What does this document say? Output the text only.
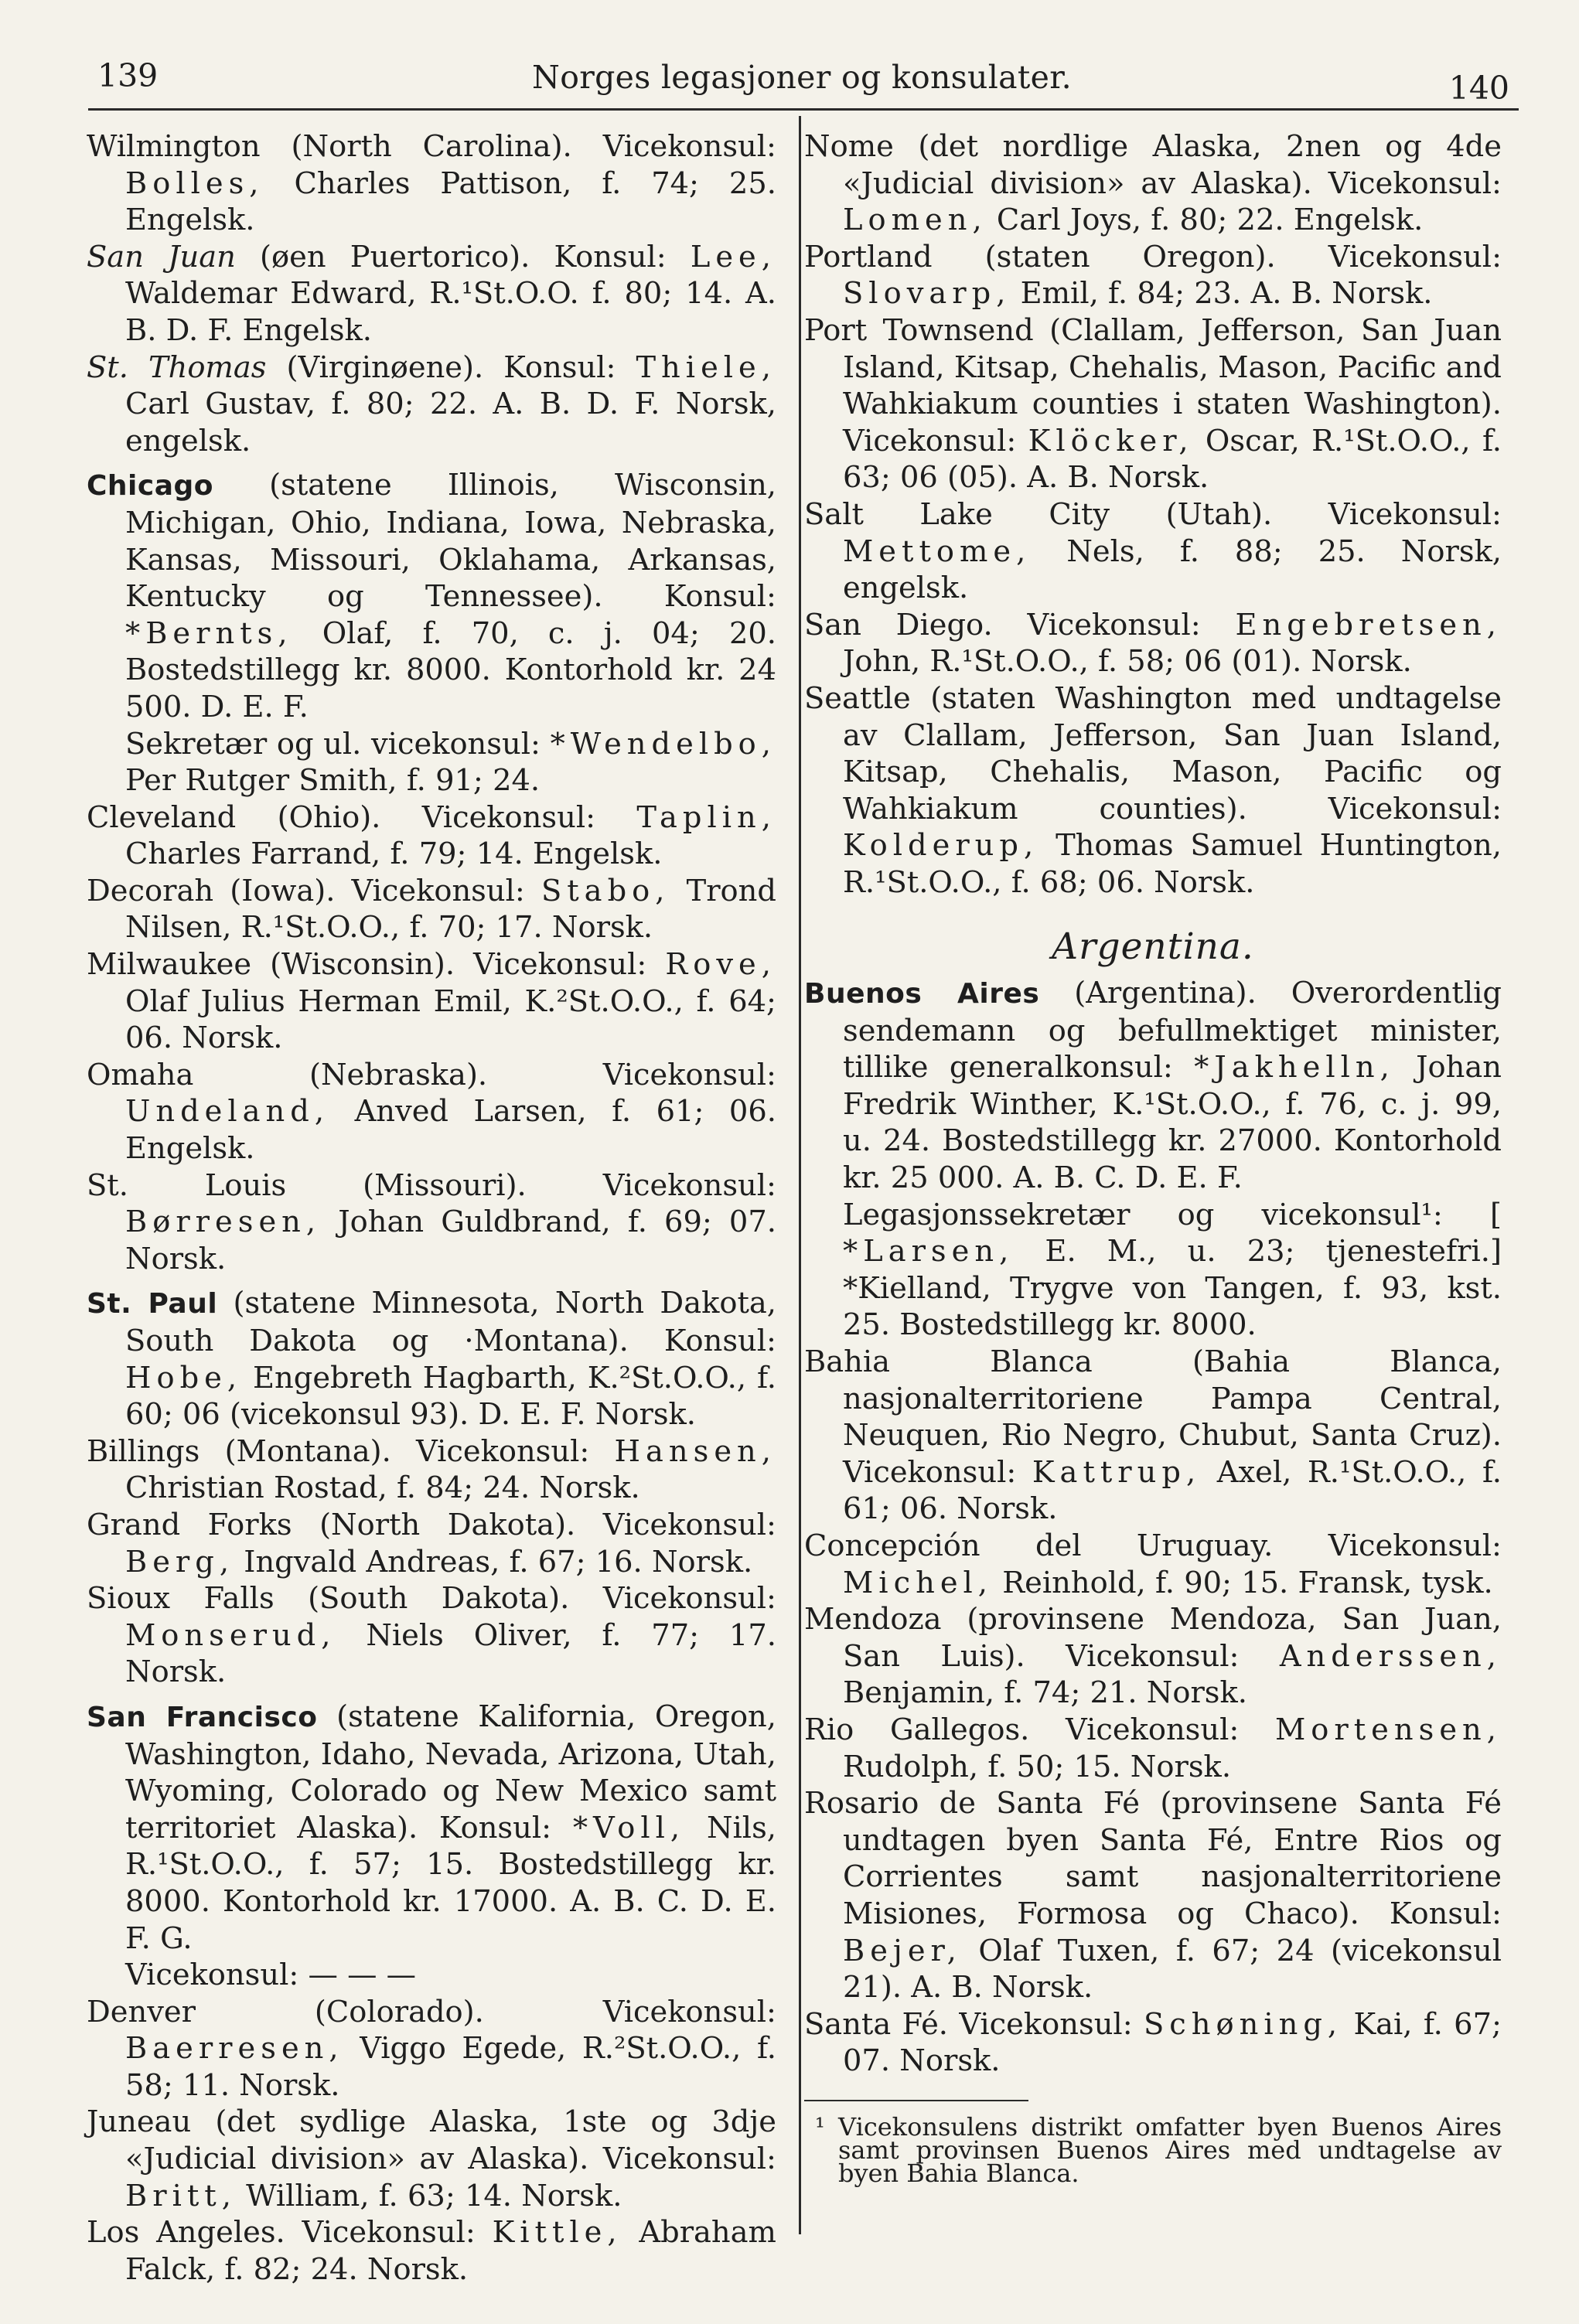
139	Norges legasjoner og konsulater.	140
Wilmington (North Carolina). Vicekonsul: Bolles, Charles Pattison, f. 74; 25. Engelsk.
San Juan (øen Puertorico). Konsul: Lee, Waldemar Edward, R.¹St.O.O. f. 80; 14. A. B. D. F. Engelsk.
St. Thomas (Virginøene). Konsul: Thiele, Carl Gustav, f. 80; 22. A. B. D. F. Norsk, engelsk.
Chicago (statene Illinois, Wisconsin, Michigan, Ohio, Indiana, Iowa, Nebraska, Kansas, Missouri, Oklahama, Arkansas, Kentucky og Tennessee). Konsul: *Bernts, Olaf, f. 70, c. j. 04; 20. Bostedstillegg kr. 8000. Kontorhold kr. 24 500. D. E. F.
Sekretær og ul. vicekonsul: *Wendelbo, Per Rutger Smith, f. 91; 24.
Cleveland (Ohio). Vicekonsul: Taplin, Charles Farrand, f. 79; 14. Engelsk.
Decorah (Iowa). Vicekonsul: Stabo, Trond Nilsen, R.¹St.O.O., f. 70; 17. Norsk.
Milwaukee (Wisconsin). Vicekonsul: Rove, Olaf Julius Herman Emil, K.²St.O.O., f. 64; 06. Norsk.
Omaha	(Nebraska). Vicekonsul: Undeland, Anved Larsen, f. 61; 06. Engelsk.
St. Louis	(Missouri). Vicekonsul: Børresen, Johan Guldbrand, f. 69; 07. Norsk.
St. Paul (statene Minnesota, North Dakota, South Dakota og ·Montana). Konsul: Hobe, Engebreth Hagbarth, K.²St.O.O., f. 60; 06 (vicekonsul 93). D. E. F. Norsk.
Billings (Montana). Vicekonsul: Hansen, Christian Rostad, f. 84; 24. Norsk.
Grand Forks (North Dakota). Vicekonsul: Berg, Ingvald Andreas, f. 67; 16. Norsk.
Sioux Falls (South Dakota). Vicekonsul: Monserud, Niels Oliver, f. 77; 17. Norsk.
San Francisco (statene Kalifornia, Oregon, Washington, Idaho, Nevada, Arizona, Utah, Wyoming, Colorado og New Mexico samt territoriet Alaska). Konsul: *Voll, Nils, R.¹St.O.O., f. 57; 15. Bostedstillegg kr. 8000. Kontorhold kr. 17000. A. B. C. D. E. F. G.
Vicekonsul: — — —
Denver	(Colorado). Vicekonsul: Baerresen, Viggo Egede, R.²St.O.O., f. 58; 11. Norsk.
Juneau (det sydlige Alaska, 1ste og 3dje «Judicial division» av Alaska). Vicekonsul: Britt, William, f. 63; 14. Norsk.
Los Angeles. Vicekonsul: Kittle, Abraham Falck, f. 82; 24. Norsk.
Nome (det nordlige Alaska, 2nen og 4de «Judicial division» av Alaska). Vicekonsul: Lomen, Carl Joys, f. 80; 22. Engelsk.
Portland (staten Oregon). Vicekonsul: Slovarp, Emil, f. 84; 23. A. B. Norsk.
Port Townsend (Clallam, Jefferson, San Juan Island, Kitsap, Chehalis, Mason, Pacific and Wahkiakum counties i staten Washington). Vicekonsul: Klöcker, Oscar, R.¹St.O.O., f. 63; 06 (05). A. B. Norsk.
Salt Lake City (Utah). Vicekonsul: Mettome, Nels, f. 88; 25. Norsk, engelsk.
San Diego. Vicekonsul: Engebretsen, John, R.¹St.O.O., f. 58; 06 (01). Norsk.
Seattle (staten Washington med undtagelse av Clallam, Jefferson, San Juan Island, Kitsap, Chehalis, Mason, Pacific og Wahkiakum counties). Vicekonsul: Kolderup, Thomas Samuel Huntington, R.¹St.O.O., f. 68; 06. Norsk.
Argentina.
Buenos Aires (Argentina). Overordentlig sendemann og befullmektiget minister, tillike generalkonsul: *Jakhelln, Johan Fredrik Winther, K.¹St.O.O., f. 76, c. j. 99, u. 24. Bostedstillegg kr. 27000. Kontorhold kr. 25 000. A. B. C. D. E. F.
Legasjonssekretær og vicekonsul¹: [ *Larsen, E. M., u. 23; tjenestefri.] *Kielland, Trygve von Tangen, f. 93, kst. 25. Bostedstillegg kr. 8000.
Bahia Blanca	(Bahia Blanca, nasjonalterritoriene Pampa Central, Neuquen, Rio Negro, Chubut, Santa Cruz). Vicekonsul: Kattrup, Axel, R.¹St.O.O., f. 61; 06. Norsk.
Concepción del Uruguay. Vicekonsul: Michel, Reinhold, f. 90; 15. Fransk, tysk.
Mendoza (provinsene Mendoza, San Juan, San Luis). Vicekonsul: Anderssen, Benjamin, f. 74; 21. Norsk.
Rio Gallegos. Vicekonsul: Mortensen, Rudolph, f. 50; 15. Norsk.
Rosario de Santa Fé (provinsene Santa Fé undtagen byen Santa Fé, Entre Rios og Corrientes samt nasjonalterritoriene Misiones, Formosa og Chaco). Konsul: Bejer, Olaf Tuxen, f. 67; 24 (vicekonsul 21). A. B. Norsk.
Santa Fé. Vicekonsul: Schøning, Kai, f. 67; 07. Norsk.
¹ Vicekonsulens distrikt omfatter byen Buenos Aires samt provinsen Buenos Aires med undtagelse av byen Bahia Blanca.
